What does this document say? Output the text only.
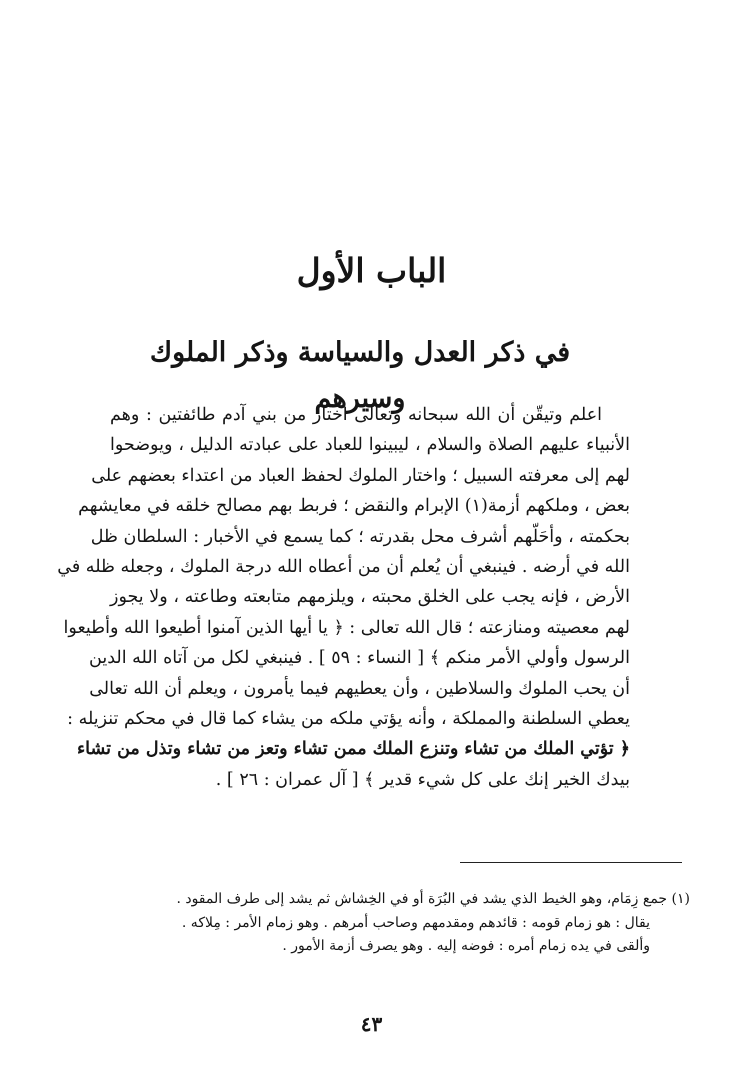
الباب الأول
في ذكر العدل والسياسة وذكر الملوك وسيرهم
اعلم وتيقّن أن الله سبحانه وتعالى اختار من بني آدم طائفتين : وهم
الأنبياء عليهم الصلاة والسلام ، ليبينوا للعباد على عبادته الدليل ، ويوضحوا
لهم إلى معرفته السبيل ؛ واختار الملوك لحفظ العباد من اعتداء بعضهم على
بعض ، وملكهم أزمة(١) الإبرام والنقض ؛ فربط بهم مصالح خلقه في معايشهم
بحكمته ، وأحَلّهم أشرف محل بقدرته ؛ كما يسمع في الأخبار : السلطان ظل
الله في أرضه . فينبغي أن يُعلم أن من أعطاه الله درجة الملوك ، وجعله ظله في
الأرض ، فإنه يجب على الخلق محبته ، ويلزمهم متابعته وطاعته ، ولا يجوز
لهم معصيته ومنازعته ؛ قال الله تعالى : ﴿ يا أيها الذين آمنوا أطيعوا الله وأطيعوا
الرسول وأولي الأمر منكم ﴾ [ النساء : ٥٩ ] . فينبغي لكل من آتاه الله الدين
أن يحب الملوك والسلاطين ، وأن يعطيهم فيما يأمرون ، ويعلم أن الله تعالى
يعطي السلطنة والمملكة ، وأنه يؤتي ملكه من يشاء كما قال في محكم تنزيله :
﴿ تؤتي الملك من تشاء وتنزع الملك ممن تشاء وتعز من تشاء وتذل من تشاء
بيدك الخير إنك على كل شيء قدير ﴾ [ آل عمران : ٢٦ ] .
(١) جمع زِمَام، وهو الخيط الذي يشد في البُرَة أو في الخِشاش ثم يشد إلى طرف المقود .
يقال : هو زمام قومه : قائدهم ومقدمهم وصاحب أمرهم . وهو زمام الأمر : مِلاكه .
وألقى في يده زمام أمره : فوضه إليه . وهو يصرف أزمة الأمور .
٤٣
